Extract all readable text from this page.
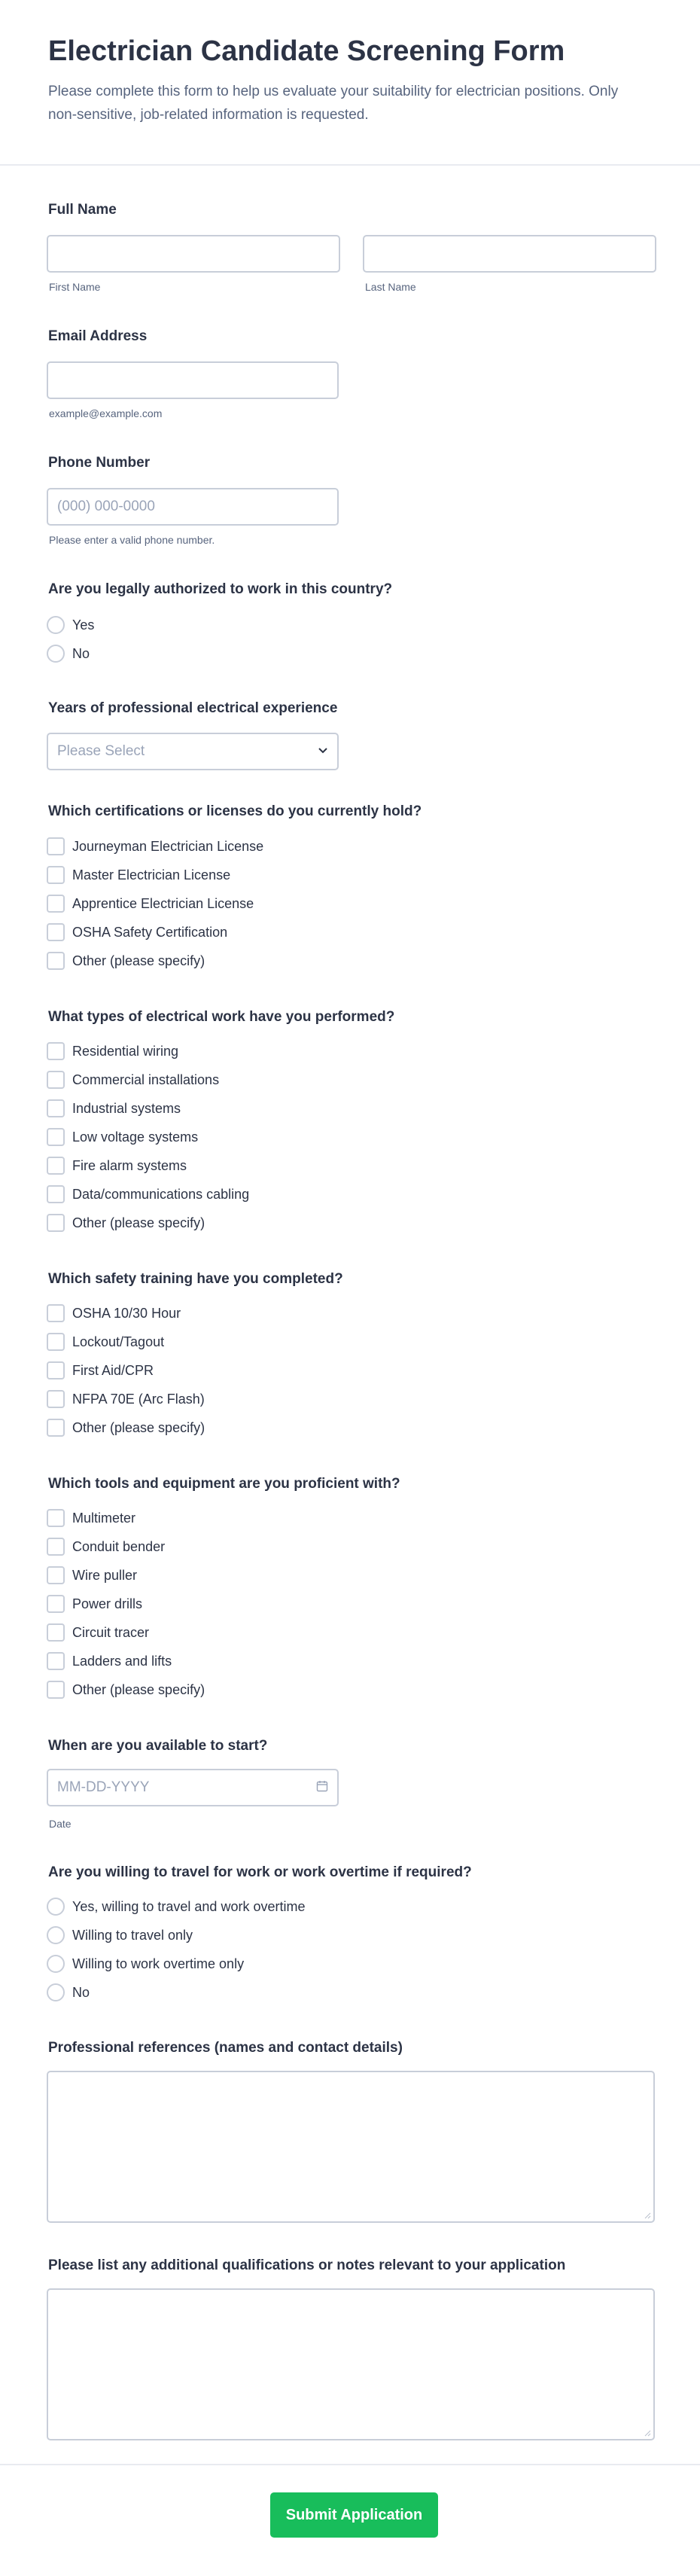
Electrician Candidate Screening Form

Please complete this form to help us evaluate your suitability for electrician positions. Only non-sensitive, job-related information is requested.

Full Name
First Name	Last Name
Email Address
example@example.com
Phone Number
(000) 000-0000
Please enter a valid phone number.
Are you legally authorized to work in this country?
Yes
No
Years of professional electrical experience
Please Select
Which certifications or licenses do you currently hold?
Journeyman Electrician License
Master Electrician License
Apprentice Electrician License
OSHA Safety Certification
Other (please specify)
What types of electrical work have you performed?
Residential wiring
Commercial installations
Industrial systems
Low voltage systems
Fire alarm systems
Data/communications cabling
Other (please specify)
Which safety training have you completed?
OSHA 10/30 Hour
Lockout/Tagout
First Aid/CPR
NFPA 70E (Arc Flash)
Other (please specify)
Which tools and equipment are you proficient with?
Multimeter
Conduit bender
Wire puller
Power drills
Circuit tracer
Ladders and lifts
Other (please specify)
When are you available to start?
MM-DD-YYYY
Date
Are you willing to travel for work or work overtime if required?
Yes, willing to travel and work overtime
Willing to travel only
Willing to work overtime only
No
Professional references (names and contact details)
Please list any additional qualifications or notes relevant to your application
Submit Application
